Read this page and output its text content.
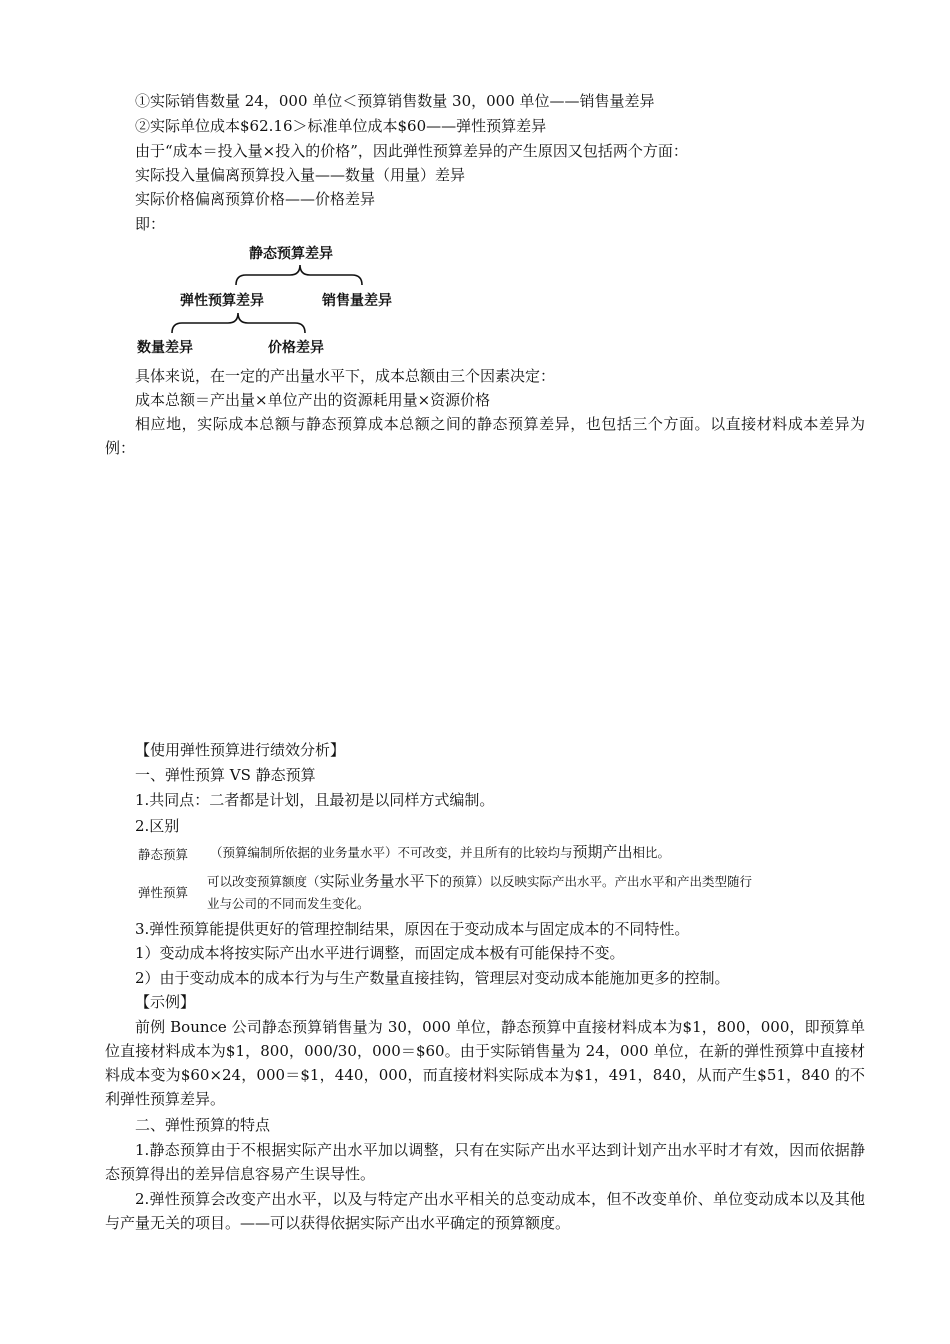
①实际销售数量 24，000 单位＜预算销售数量 30，000 单位——销售量差异
②实际单位成本$62.16＞标准单位成本$60——弹性预算差异
由于“成本＝投入量×投入的价格”，因此弹性预算差异的产生原因又包括两个方面：
实际投入量偏离预算投入量——数量（用量）差异
实际价格偏离预算价格——价格差异
即：
静态预算差异
弹性预算差异	销售量差异
数量差异	价格差异
具体来说，在一定的产出量水平下，成本总额由三个因素决定：
成本总额＝产出量×单位产出的资源耗用量×资源价格
相应地，实际成本总额与静态预算成本总额之间的静态预算差异，也包括三个方面。以直接材料成本差异为例：
【使用弹性预算进行绩效分析】
一、弹性预算 VS 静态预算
1.共同点：二者都是计划，且最初是以同样方式编制。
2.区别
静态预算 （预算编制所依据的业务量水平）不可改变，并且所有的比较均与预期产出相比。
弹性预算
可以改变预算额度（实际业务量水平下的预算）以反映实际产出水平。产出水平和产出类型随行
业与公司的不同而发生变化。
3.弹性预算能提供更好的管理控制结果，原因在于变动成本与固定成本的不同特性。
1）变动成本将按实际产出水平进行调整，而固定成本极有可能保持不变。
2）由于变动成本的成本行为与生产数量直接挂钩，管理层对变动成本能施加更多的控制。
【示例】
前例 Bounce 公司静态预算销售量为 30，000 单位，静态预算中直接材料成本为$1，800，000，即预算单位直接材料成本为$1，800，000/30，000＝$60。由于实际销售量为 24，000 单位，在新的弹性预算中直接材料成本变为$60×24，000＝$1，440，000，而直接材料实际成本为$1，491，840，从而产生$51，840 的不利弹性预算差异。
二、弹性预算的特点
1.静态预算由于不根据实际产出水平加以调整，只有在实际产出水平达到计划产出水平时才有效，因而依据静态预算得出的差异信息容易产生误导性。
2.弹性预算会改变产出水平，以及与特定产出水平相关的总变动成本，但不改变单价、单位变动成本以及其他与产量无关的项目。——可以获得依据实际产出水平确定的预算额度。
